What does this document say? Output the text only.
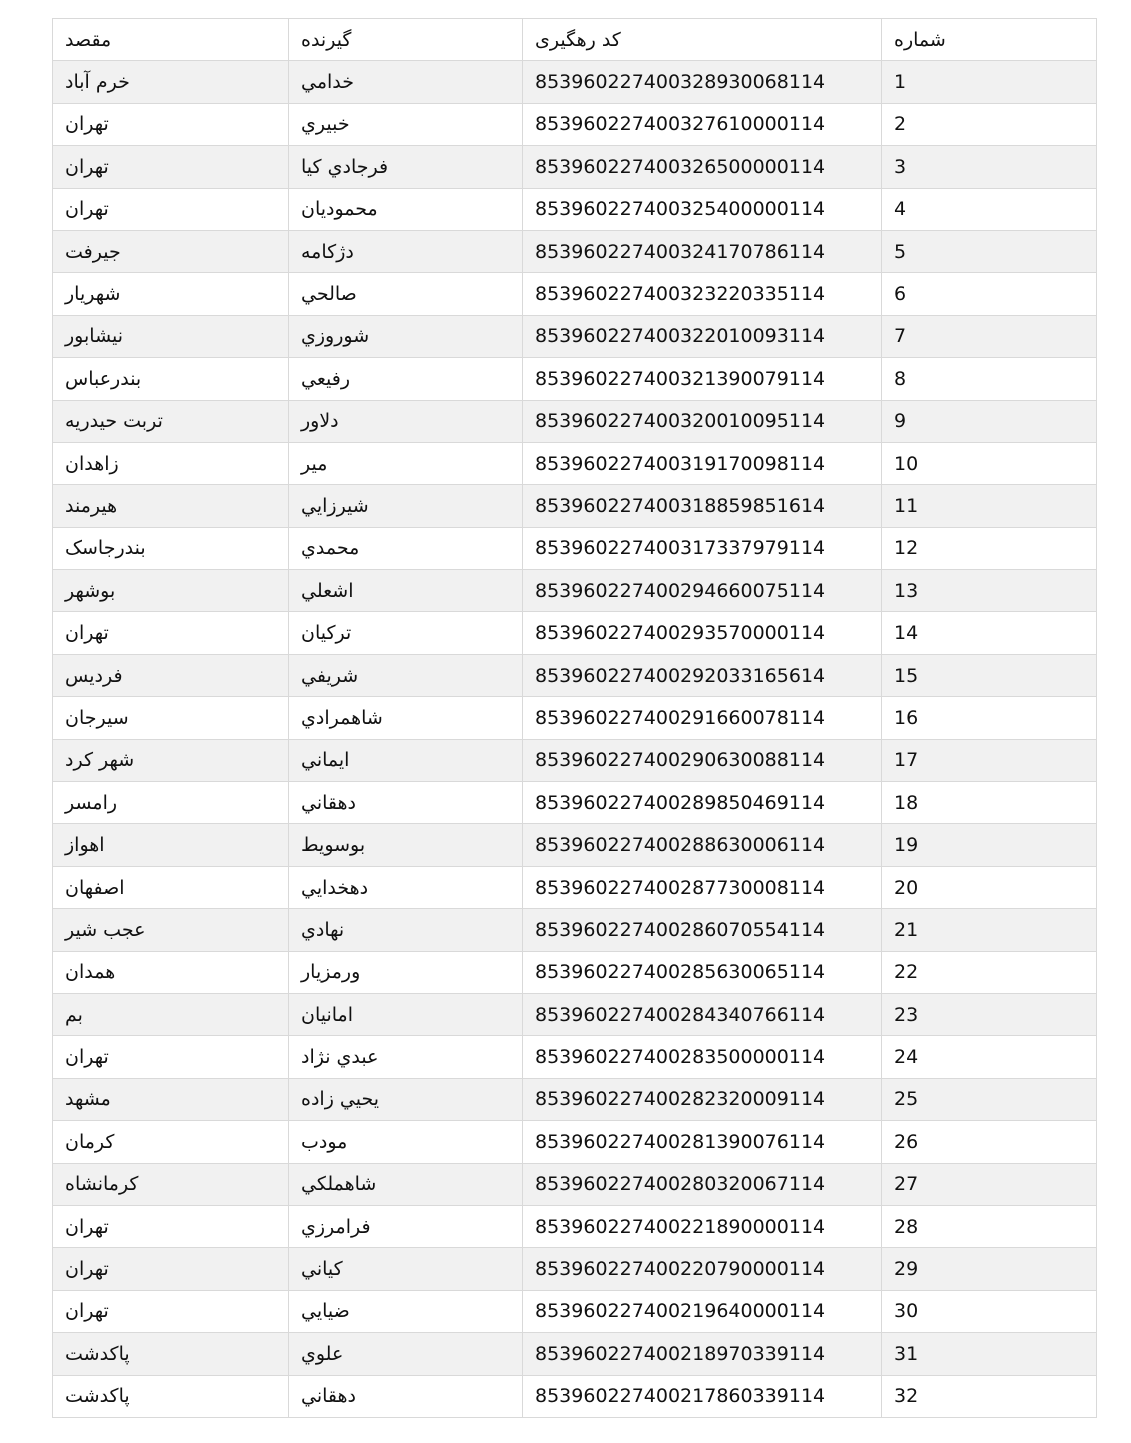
شماره	کد رهگیری	گیرنده	مقصد
1	853960227400328930068114	خدامي	خرم آباد
2	853960227400327610000114	خبيري	تهران
3	853960227400326500000114	فرجادي كيا	تهران
4	853960227400325400000114	محموديان	تهران
5	853960227400324170786114	دژكامه	جيرفت
6	853960227400323220335114	صالحي	شهريار
7	853960227400322010093114	شوروزي	نيشابور
8	853960227400321390079114	رفيعي	بندرعباس
9	853960227400320010095114	دلاور	تربت حيدريه
10	853960227400319170098114	مير	زاهدان
11	853960227400318859851614	شيرزايي	هيرمند
12	853960227400317337979114	محمدي	بندرجاسک
13	853960227400294660075114	اشعلي	بوشهر
14	853960227400293570000114	تركيان	تهران
15	853960227400292033165614	شريفي	فرديس
16	853960227400291660078114	شاهمرادي	سيرجان
17	853960227400290630088114	ايماني	شهر كرد
18	853960227400289850469114	دهقاني	رامسر
19	853960227400288630006114	بوسويط	اهواز
20	853960227400287730008114	دهخدايي	اصفهان
21	853960227400286070554114	نهادي	عجب شير
22	853960227400285630065114	ورمزيار	همدان
23	853960227400284340766114	امانيان	بم
24	853960227400283500000114	عبدي نژاد	تهران
25	853960227400282320009114	يحيي زاده	مشهد
26	853960227400281390076114	مودب	كرمان
27	853960227400280320067114	شاهملكي	كرمانشاه
28	853960227400221890000114	فرامرزي	تهران
29	853960227400220790000114	كياني	تهران
30	853960227400219640000114	ضيايي	تهران
31	853960227400218970339114	علوي	پاكدشت
32	853960227400217860339114	دهقاني	پاكدشت
